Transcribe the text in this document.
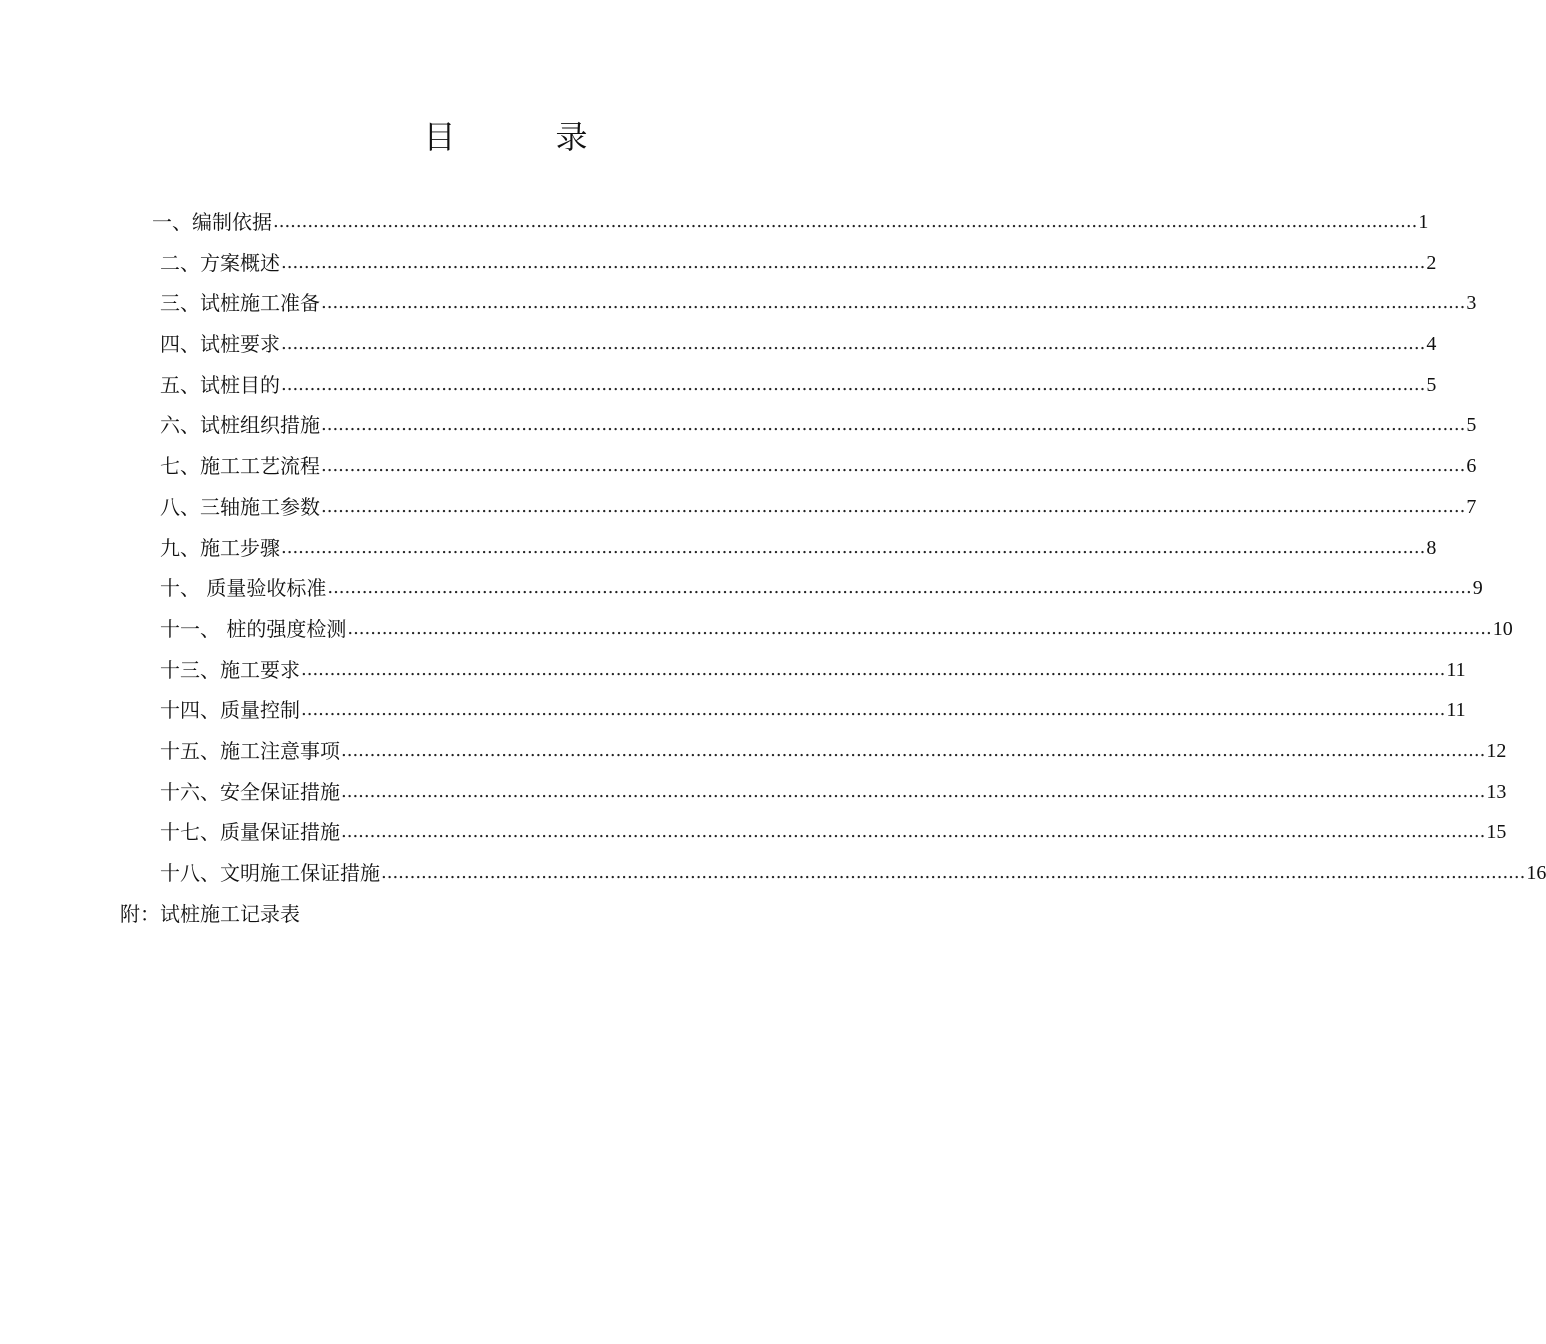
目　录
一、编制依据 ........................................................................................................................................................................................................ 1
二、方案概述 ........................................................................................................................................................................................................ 2
三、试桩施工准备 ........................................................................................................................................................................................................ 3
四、试桩要求 ........................................................................................................................................................................................................ 4
五、试桩目的 ........................................................................................................................................................................................................ 5
六、试桩组织措施 ........................................................................................................................................................................................................ 5
七、施工工艺流程 ........................................................................................................................................................................................................ 6
八、三轴施工参数 ........................................................................................................................................................................................................ 7
九、施工步骤 ........................................................................................................................................................................................................ 8
十、 质量验收标准 ........................................................................................................................................................................................................ 9
十一、 桩的强度检测 ........................................................................................................................................................................................................ 10
十三、施工要求 ........................................................................................................................................................................................................ 11
十四、质量控制 ........................................................................................................................................................................................................ 11
十五、施工注意事项 ........................................................................................................................................................................................................ 12
十六、安全保证措施 ........................................................................................................................................................................................................ 13
十七、质量保证措施 ........................................................................................................................................................................................................ 15
十八、文明施工保证措施 ........................................................................................................................................................................................................ 16
附：试桩施工记录表
